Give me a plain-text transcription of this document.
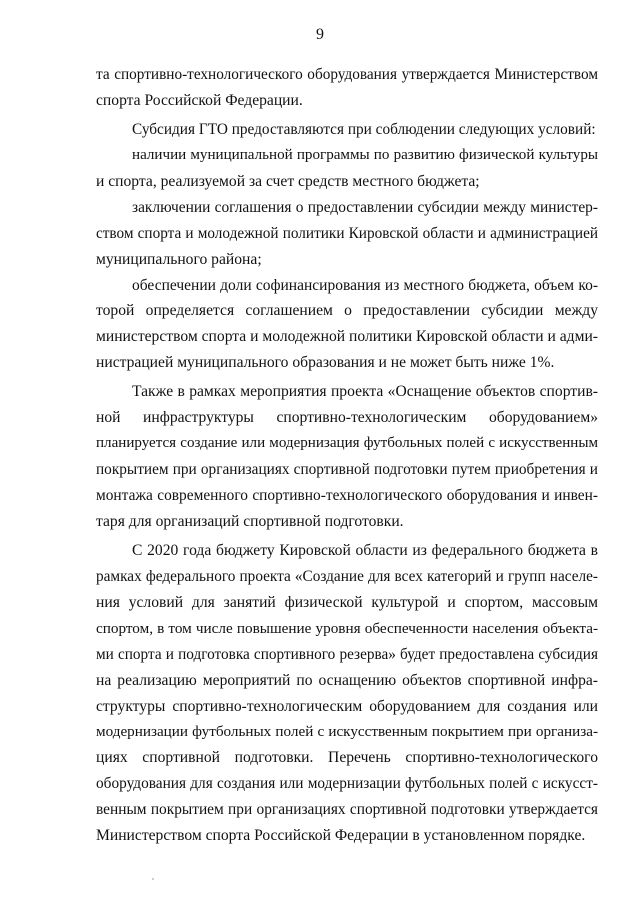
9
та спортивно-технологического оборудования утверждается Министерством
спорта Российской Федерации.
Субсидия ГТО предоставляются при соблюдении следующих условий:
наличии муниципальной программы по развитию физической культуры
и спорта, реализуемой за счет средств местного бюджета;
заключении соглашения о предоставлении субсидии между министер-
ством спорта и молодежной политики Кировской области и администрацией
муниципального района;
обеспечении доли софинансирования из местного бюджета, объем ко-
торой определяется соглашением о предоставлении субсидии между
министерством спорта и молодежной политики Кировской области и адми-
нистрацией муниципального образования и не может быть ниже 1%.
Также в рамках мероприятия проекта «Оснащение объектов спортив-
ной инфраструктуры спортивно-технологическим оборудованием»
планируется создание или модернизация футбольных полей с искусственным
покрытием при организациях спортивной подготовки путем приобретения и
монтажа современного спортивно-технологического оборудования и инвен-
таря для организаций спортивной подготовки.
С 2020 года бюджету Кировской области из федерального бюджета в
рамках федерального проекта «Создание для всех категорий и групп населе-
ния условий для занятий физической культурой и спортом, массовым
спортом, в том числе повышение уровня обеспеченности населения объекта-
ми спорта и подготовка спортивного резерва» будет предоставлена субсидия
на реализацию мероприятий по оснащению объектов спортивной инфра-
структуры спортивно-технологическим оборудованием для создания или
модернизации футбольных полей с искусственным покрытием при организа-
циях спортивной подготовки. Перечень спортивно-технологического
оборудования для создания или модернизации футбольных полей с искусст-
венным покрытием при организациях спортивной подготовки утверждается
Министерством спорта Российской Федерации в установленном порядке.
